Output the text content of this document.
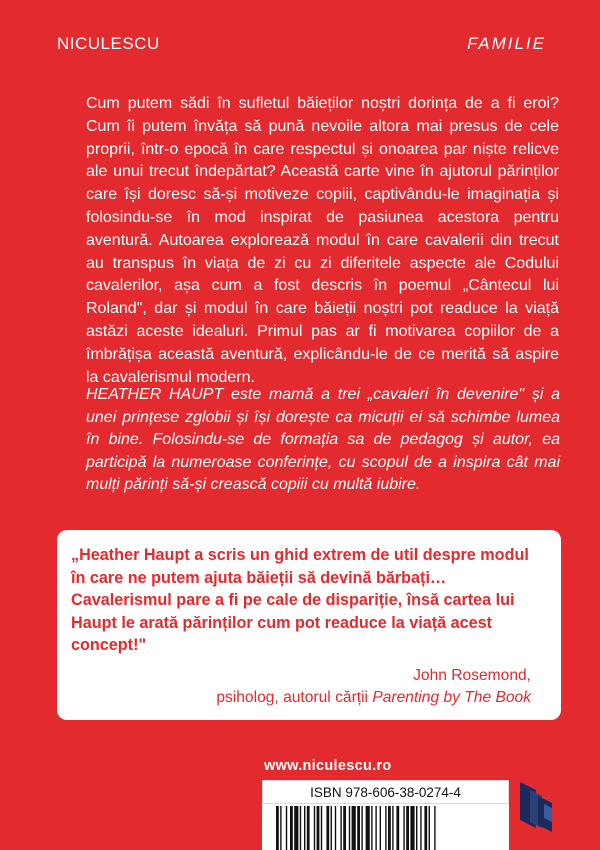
NICULESCU	FAMILIE

Cum putem sădi în sufletul băieților noștri dorința de a fi eroi? Cum îi putem învăța să pună nevoile altora mai presus de cele proprii, într-o epocă în care respectul și onoarea par niște relicve ale unui trecut îndepărtat? Această carte vine în ajutorul părinților care își doresc să-și motiveze copiii, captivându-le imaginația și folosindu-se în mod inspirat de pasiunea acestora pentru aventură. Autoarea explorează modul în care cavalerii din trecut au transpus în viața de zi cu zi diferitele aspecte ale Codului cavalerilor, așa cum a fost descris în poemul „Cântecul lui Roland", dar și modul în care băieții noștri pot readuce la viață astăzi aceste idealuri. Primul pas ar fi motivarea copiilor de a îmbrățișa această aventură, explicându-le de ce merită să aspire la cavalerismul modern.

HEATHER HAUPT este mamă a trei „cavaleri în devenire" și a unei prințese zglobii și își dorește ca micuții ei să schimbe lumea în bine. Folosindu-se de formația sa de pedagog și autor, ea participă la numeroase conferințe, cu scopul de a inspira cât mai mulți părinți să-și crească copiii cu multă iubire.

„Heather Haupt a scris un ghid extrem de util despre modul în care ne putem ajuta băieții să devină bărbați… Cavalerismul pare a fi pe cale de dispariție, însă cartea lui Haupt le arată părinților cum pot readuce la viață acest concept!"

John Rosemond,

psiholog, autorul cărții Parenting by The Book

www.niculescu.ro
ISBN 978-606-38-0274-4
